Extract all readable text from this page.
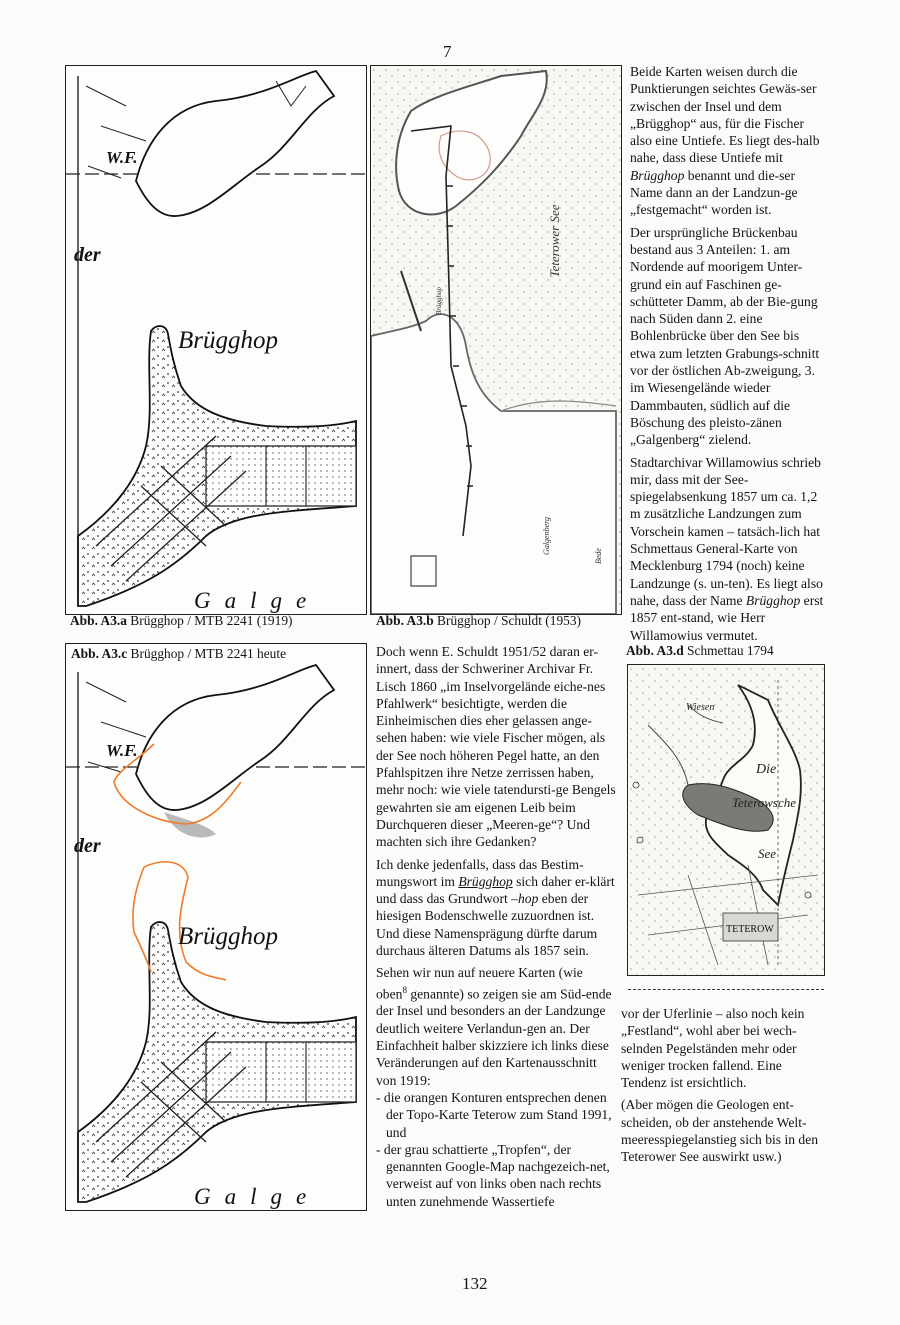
7
132
W.F.
der
Brügghop
Galge
Abb. A3.a Brügghop / MTB 2241 (1919)
Teterower See
Galgenberg
Bede
Brügghop
Abb. A3.b Brügghop / Schuldt (1953)

Beide Karten weisen durch die Punktierungen seichtes Gewäs-ser zwischen der Insel und dem „Brügghop“ aus, für die Fischer also eine Untiefe. Es liegt des-halb nahe, dass diese Untiefe mit Brügghop benannt und die-ser Name dann an der Landzun-ge „festgemacht“ worden ist.

Der ursprüngliche Brückenbau bestand aus 3 Anteilen: 1. am Nordende auf moorigem Unter-grund ein auf Faschinen ge-schütteter Damm, ab der Bie-gung nach Süden dann 2. eine Bohlenbrücke über den See bis etwa zum letzten Grabungs-schnitt vor der östlichen Ab-zweigung, 3. im Wiesengelände wieder Dammbauten, südlich auf die Böschung des pleisto-zänen „Galgenberg“ zielend.

Stadtarchivar Willamowius schrieb mir, dass mit der See-spiegelabsenkung 1857 um ca. 1,2 m zusätzliche Landzungen zum Vorschein kamen – tatsäch-lich hat Schmettaus General-Karte von Mecklenburg 1794 (noch) keine Landzunge (s. un-ten). Es liegt also nahe, dass der Name Brügghop erst 1857 ent-stand, wie Herr Willamowius vermutet.

Abb. A3.c Brügghop / MTB 2241 heute
W.F.
der
Brügghop
Galge

Doch wenn E. Schuldt 1951/52 daran er-innert, dass der Schweriner Archivar Fr. Lisch 1860 „im Inselvorgelände eiche-nes Pfahlwerk“ besichtigte, werden die Einheimischen dies eher gelassen ange-sehen haben: wie viele Fischer mögen, als der See noch höheren Pegel hatte, an den Pfahlspitzen ihre Netze zerrissen haben, mehr noch: wie viele tatendursti-ge Bengels gewahrten sie am eigenen Leib beim Durchqueren dieser „Meeren-ge“? Und machten sich ihre Gedanken?

Ich denke jedenfalls, dass das Bestim-mungswort im Brügghop sich daher er-klärt und dass das Grundwort –hop eben der hiesigen Bodenschwelle zuzuordnen ist. Und diese Namensprägung dürfte darum durchaus älteren Datums als 1857 sein.

Sehen wir nun auf neuere Karten (wie oben$^8$ genannte) so zeigen sie am Süd-ende der Insel und besonders an der Landzunge deutlich weitere Verlandun-gen an. Der Einfachheit halber skizziere ich links diese Veränderungen auf den Kartenausschnitt von 1919:

- die orangen Konturen entsprechen denen der Topo-Karte Teterow zum Stand 1991, und
- der grau schattierte „Tropfen“, der genannten Google-Map nachgezeich-net, verweist auf von links oben nach rechts unten zunehmende Wassertiefe
Abb. A3.d Schmettau 1794
Wiesen
Die
Teterowsche
See
TETEROW

vor der Uferlinie – also noch kein „Festland“, wohl aber bei wech-selnden Pegelständen mehr oder weniger trocken fallend. Eine Tendenz ist ersichtlich.

(Aber mögen die Geologen ent-scheiden, ob der anstehende Welt-meeresspiegelanstieg sich bis in den Teterower See auswirkt usw.)
